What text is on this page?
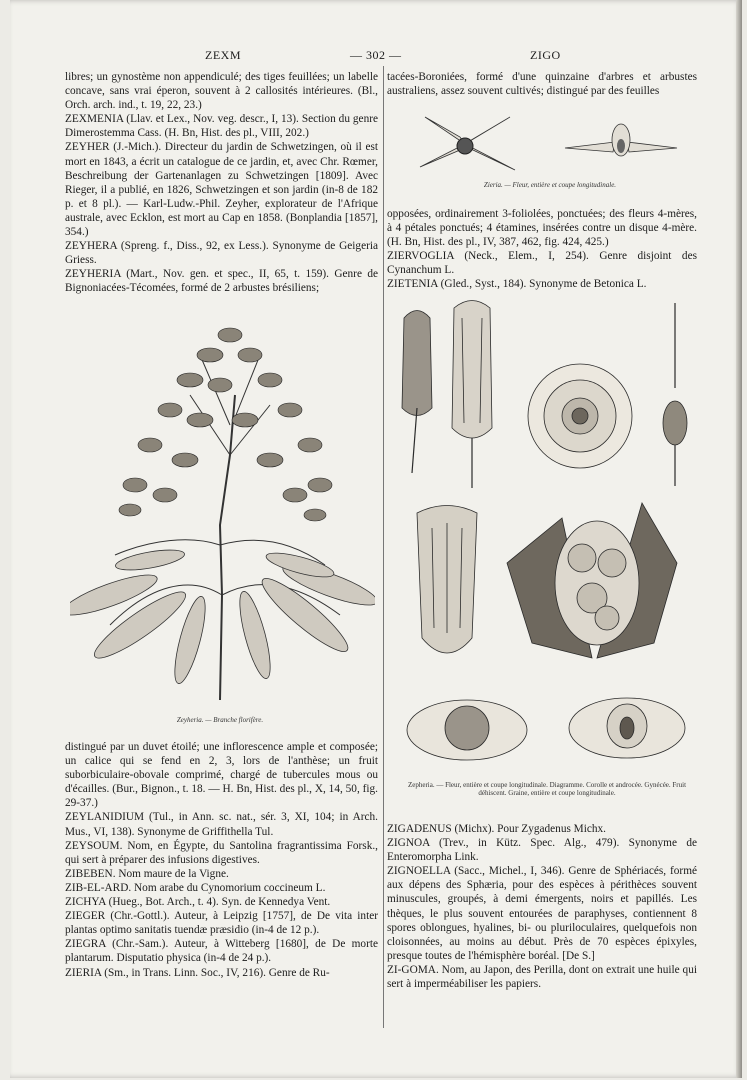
ZEXM	— 302 —	ZIGO

libres; un gynostème non appendiculé; des tiges feuillées; un labelle concave, sans vrai éperon, souvent à 2 callosités intérieures. (Bl., Orch. arch. ind., t. 19, 22, 23.)

ZEXMENIA (Llav. et Lex., Nov. veg. descr., I, 13). Section du genre Dimerostemma Cass. (H. Bn, Hist. des pl., VIII, 202.)

ZEYHER (J.-Mich.). Directeur du jardin de Schwetzingen, où il est mort en 1843, a écrit un catalogue de ce jardin, et, avec Chr. Rœmer, Beschreibung der Gartenanlagen zu Schwetzingen [1809]. Avec Rieger, il a publié, en 1826, Schwetzingen et son jardin (in-8 de 182 p. et 8 pl.). — Karl-Ludw.-Phil. Zeyher, explorateur de l'Afrique australe, avec Ecklon, est mort au Cap en 1858. (Bonplandia [1857], 354.)

ZEYHERA (Spreng. f., Diss., 92, ex Less.). Synonyme de Geigeria Griess.

ZEYHERIA (Mart., Nov. gen. et spec., II, 65, t. 159). Genre de Bignoniacées-Técomées, formé de 2 arbustes brésiliens;

Zeyheria. — Branche florifère.

distingué par un duvet étoilé; une inflorescence ample et composée; un calice qui se fend en 2, 3, lors de l'anthèse; un fruit suborbiculaire-obovale comprimé, chargé de tubercules mous ou d'écailles. (Bur., Bignon., t. 18. — H. Bn, Hist. des pl., X, 14, 50, fig. 29-37.)

ZEYLANIDIUM (Tul., in Ann. sc. nat., sér. 3, XI, 104; in Arch. Mus., VI, 138). Synonyme de Griffithella Tul.

ZEYSOUM. Nom, en Égypte, du Santolina fragrantissima Forsk., qui sert à préparer des infusions digestives.

ZIBEBEN. Nom maure de la Vigne.

ZIB-EL-ARD. Nom arabe du Cynomorium coccineum L.

ZICHYA (Hueg., Bot. Arch., t. 4). Syn. de Kennedya Vent.

ZIEGER (Chr.-Gottl.). Auteur, à Leipzig [1757], de De vita inter plantas optimo sanitatis tuendæ præsidio (in-4 de 12 p.).

ZIEGRA (Chr.-Sam.). Auteur, à Witteberg [1680], de De morte plantarum. Disputatio physica (in-4 de 24 p.).

ZIERIA (Sm., in Trans. Linn. Soc., IV, 216). Genre de Ru-

tacées-Boroniées, formé d'une quinzaine d'arbres et arbustes australiens, assez souvent cultivés; distingué par des feuilles

Zieria. — Fleur, entière et coupe longitudinale.

opposées, ordinairement 3-foliolées, ponctuées; des fleurs 4-mères, à 4 pétales ponctués; 4 étamines, insérées contre un disque 4-mère. (H. Bn, Hist. des pl., IV, 387, 462, fig. 424, 425.)

ZIERVOGLIA (Neck., Elem., I, 254). Genre disjoint des Cynanchum L.

ZIETENIA (Gled., Syst., 184). Synonyme de Betonica L.

Zepheria. — Fleur, entière et coupe longitudinale. Diagramme. Corolle et androcée. Gynécée. Fruit déhiscent. Graine, entière et coupe longitudinale.

ZIGADENUS (Michx). Pour Zygadenus Michx.

ZIGNOA (Trev., in Kütz. Spec. Alg., 479). Synonyme de Enteromorpha Link.

ZIGNOELLA (Sacc., Michel., I, 346). Genre de Sphériacés, formé aux dépens des Sphæria, pour des espèces à périthèces souvent minuscules, groupés, à demi émergents, noirs et papillés. Les thèques, le plus souvent entourées de paraphyses, contiennent 8 spores oblongues, hyalines, bi- ou pluriloculaires, quelquefois non cloisonnées, au moins au début. Près de 70 espèces épixyles, presque toutes de l'hémisphère boréal. [De S.]

ZI-GOMA. Nom, au Japon, des Perilla, dont on extrait une huile qui sert à imperméabiliser les papiers.
